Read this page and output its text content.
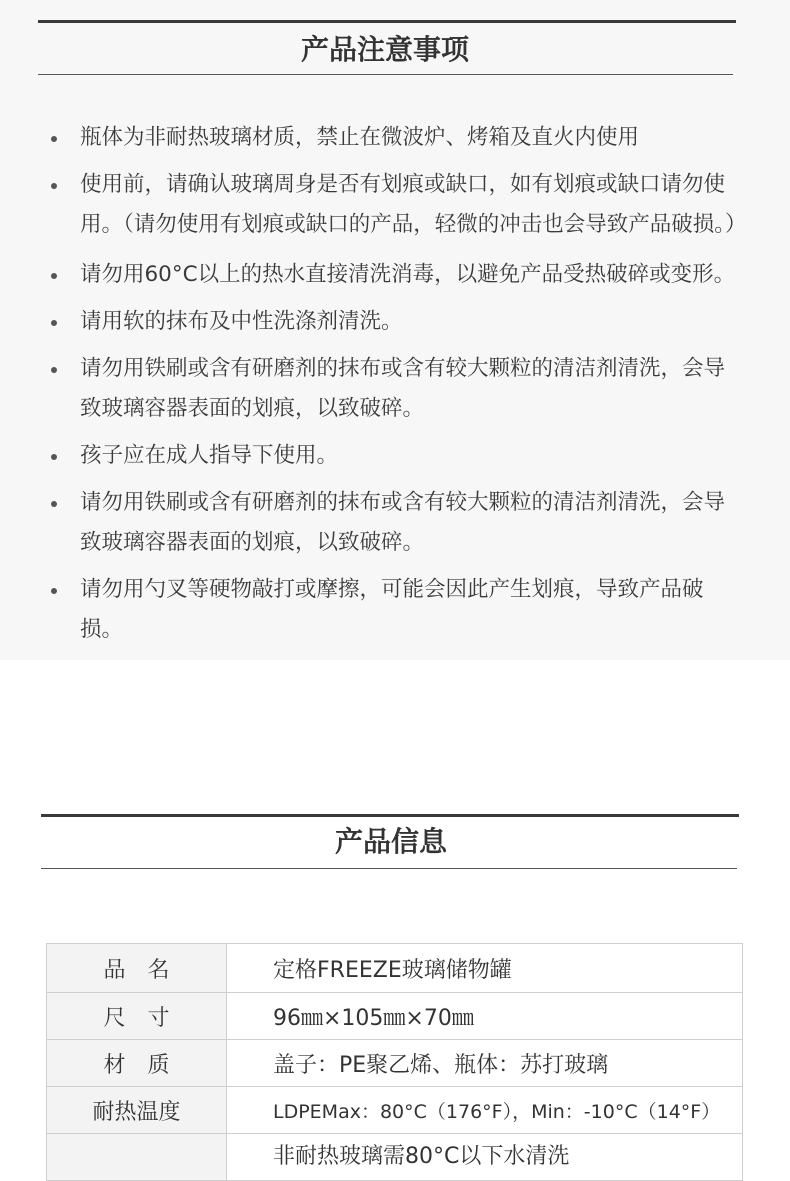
产品注意事项
瓶体为非耐热玻璃材质，禁止在微波炉、烤箱及直火内使用
使用前，请确认玻璃周身是否有划痕或缺口，如有划痕或缺口请勿使用。（请勿使用有划痕或缺口的产品，轻微的冲击也会导致产品破损。）
请勿用60°C以上的热水直接清洗消毒，以避免产品受热破碎或变形。
请用软的抹布及中性洗涤剂清洗。
请勿用铁刷或含有研磨剂的抹布或含有较大颗粒的清洁剂清洗，会导致玻璃容器表面的划痕，以致破碎。
孩子应在成人指导下使用。
请勿用铁刷或含有研磨剂的抹布或含有较大颗粒的清洁剂清洗，会导致玻璃容器表面的划痕，以致破碎。
请勿用勺叉等硬物敲打或摩擦，可能会因此产生划痕，导致产品破损。
产品信息
品　名	定格FREEZE玻璃储物罐
尺　寸	96㎜×105㎜×70㎜
材　质	盖子：PE聚乙烯、瓶体：苏打玻璃
耐热温度	LDPEMax：80°C（176°F），Min：-10°C（14°F）
	非耐热玻璃需80°C以下水清洗
